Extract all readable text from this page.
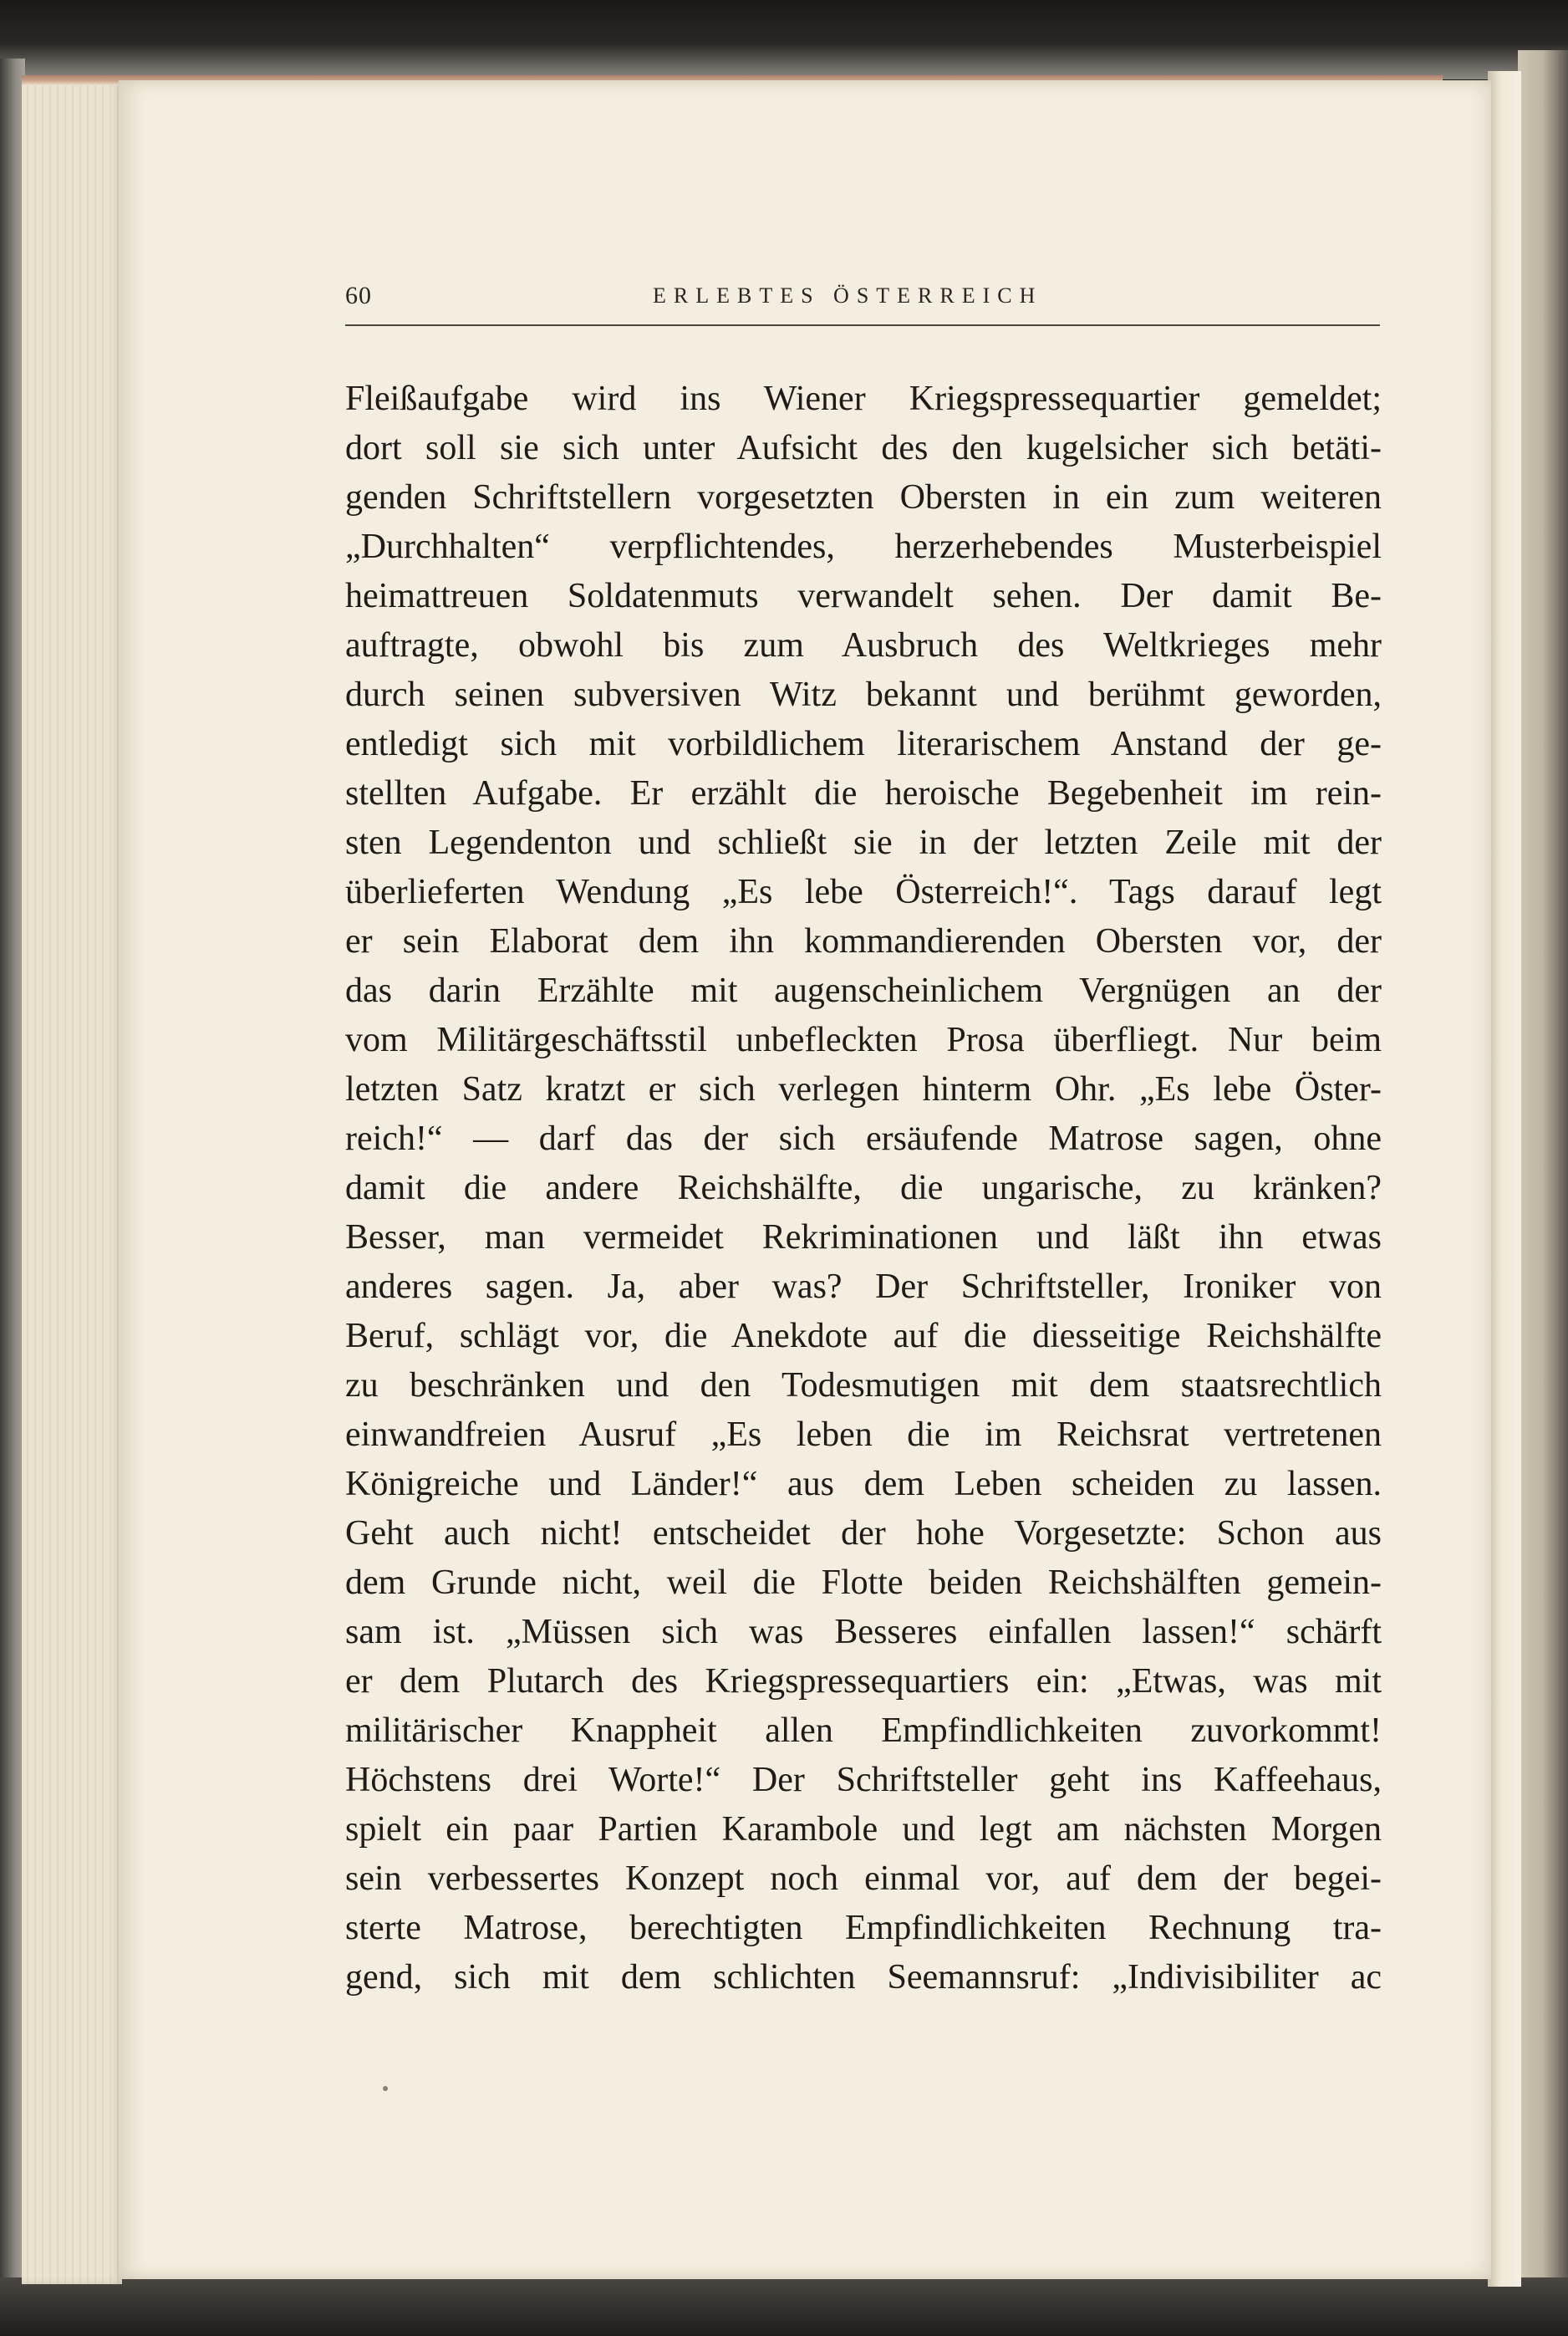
60	ERLEBTES ÖSTERREICH
Fleißaufgabe wird ins Wiener Kriegspressequartier gemeldet;
dort soll sie sich unter Aufsicht des den kugelsicher sich betäti-
genden Schriftstellern vorgesetzten Obersten in ein zum weiteren
„Durchhalten“ verpflichtendes, herzerhebendes Musterbeispiel
heimattreuen Soldatenmuts verwandelt sehen. Der damit Be-
auftragte, obwohl bis zum Ausbruch des Weltkrieges mehr
durch seinen subversiven Witz bekannt und berühmt geworden,
entledigt sich mit vorbildlichem literarischem Anstand der ge-
stellten Aufgabe. Er erzählt die heroische Begebenheit im rein-
sten Legendenton und schließt sie in der letzten Zeile mit der
überlieferten Wendung „Es lebe Österreich!“. Tags darauf legt
er sein Elaborat dem ihn kommandierenden Obersten vor, der
das darin Erzählte mit augenscheinlichem Vergnügen an der
vom Militärgeschäftsstil unbefleckten Prosa überfliegt. Nur beim
letzten Satz kratzt er sich verlegen hinterm Ohr. „Es lebe Öster-
reich!“ — darf das der sich ersäufende Matrose sagen, ohne
damit die andere Reichshälfte, die ungarische, zu kränken?
Besser, man vermeidet Rekriminationen und läßt ihn etwas
anderes sagen. Ja, aber was? Der Schriftsteller, Ironiker von
Beruf, schlägt vor, die Anekdote auf die diesseitige Reichshälfte
zu beschränken und den Todesmutigen mit dem staatsrechtlich
einwandfreien Ausruf „Es leben die im Reichsrat vertretenen
Königreiche und Länder!“ aus dem Leben scheiden zu lassen.
Geht auch nicht! entscheidet der hohe Vorgesetzte: Schon aus
dem Grunde nicht, weil die Flotte beiden Reichshälften gemein-
sam ist. „Müssen sich was Besseres einfallen lassen!“ schärft
er dem Plutarch des Kriegspressequartiers ein: „Etwas, was mit
militärischer Knappheit allen Empfindlichkeiten zuvorkommt!
Höchstens drei Worte!“ Der Schriftsteller geht ins Kaffeehaus,
spielt ein paar Partien Karambole und legt am nächsten Morgen
sein verbessertes Konzept noch einmal vor, auf dem der begei-
sterte Matrose, berechtigten Empfindlichkeiten Rechnung tra-
gend, sich mit dem schlichten Seemannsruf: „Indivisibiliter ac
